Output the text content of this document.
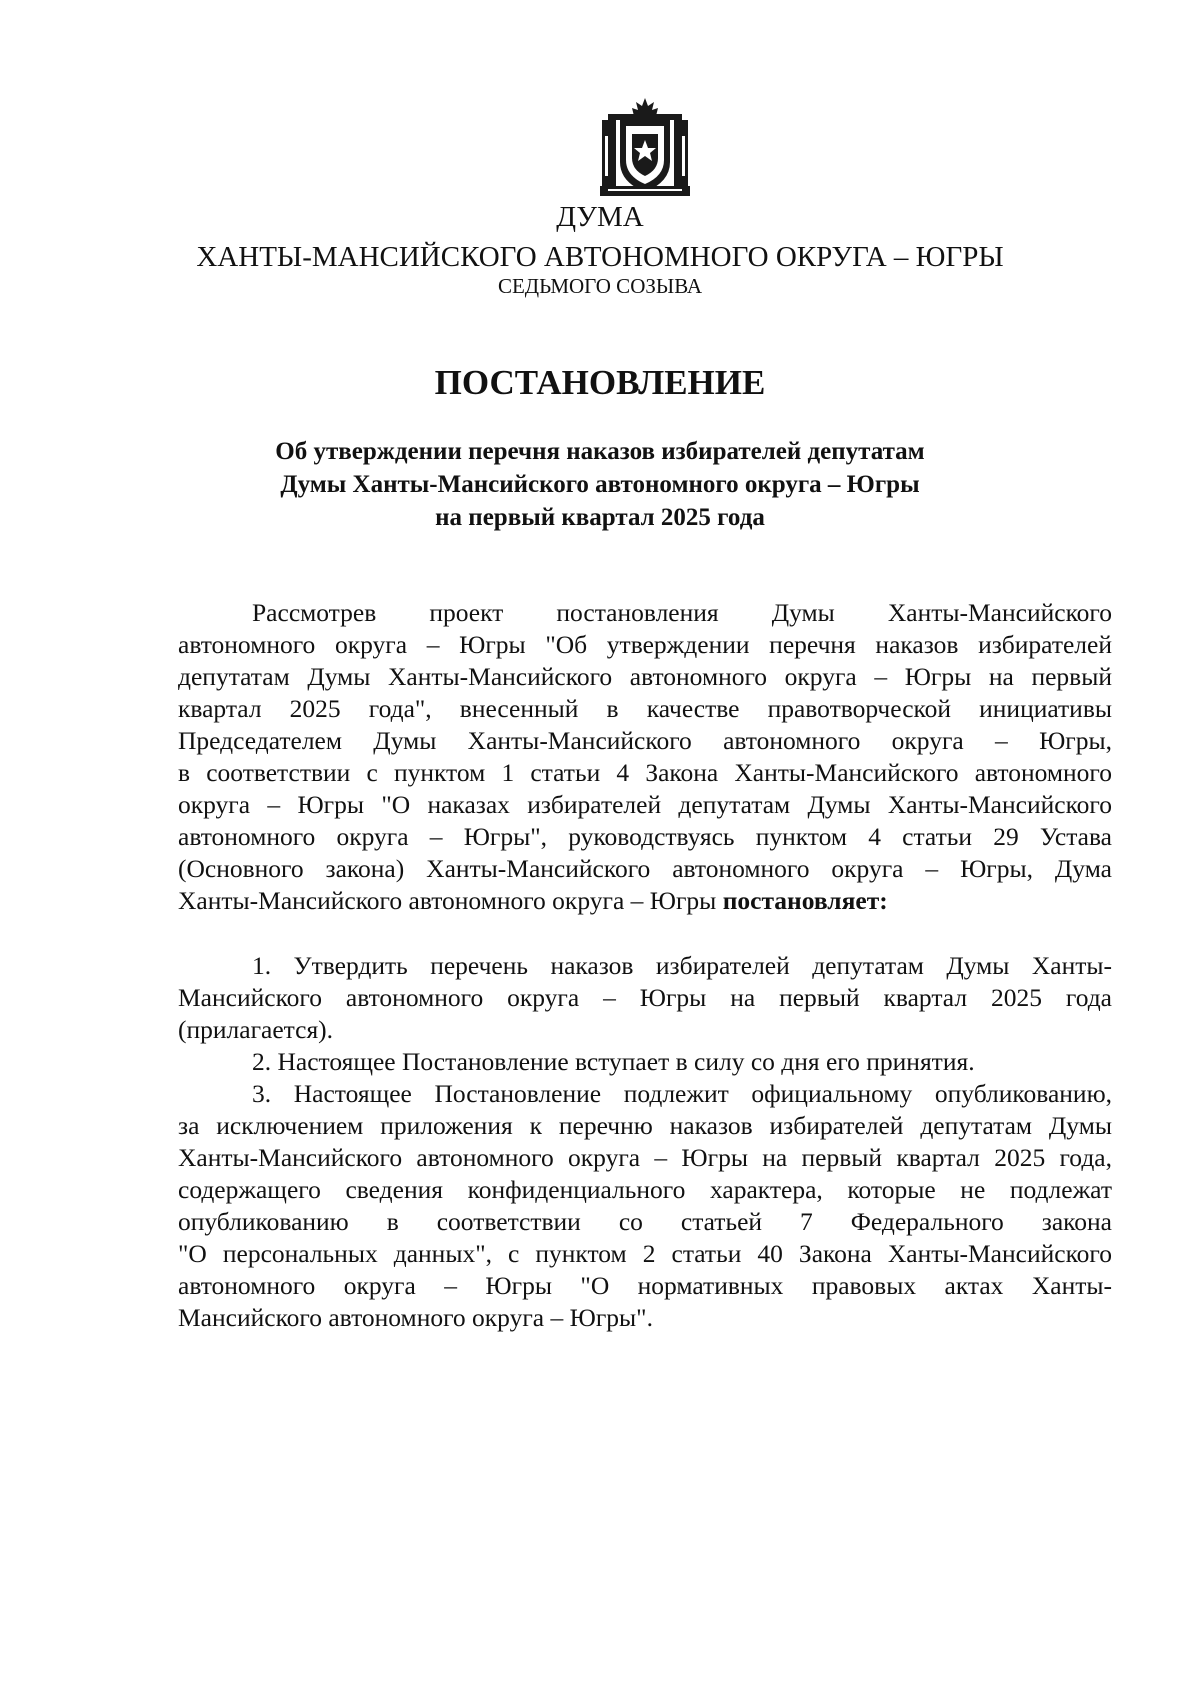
ДУМА

ХАНТЫ-МАНСИЙСКОГО АВТОНОМНОГО ОКРУГА – ЮГРЫ

СЕДЬМОГО СОЗЫВА

ПОСТАНОВЛЕНИЕ
Об утверждении перечня наказов избирателей депутатам
Думы Ханты-Мансийского автономного округа – Югры
на первый квартал 2025 года
Рассмотрев проект постановления Думы Ханты-Мансийского
автономного округа – Югры "Об утверждении перечня наказов избирателей
депутатам Думы Ханты-Мансийского автономного округа – Югры на первый
квартал 2025 года", внесенный в качестве правотворческой инициативы
Председателем Думы Ханты-Мансийского автономного округа – Югры,
в соответствии с пунктом 1 статьи 4 Закона Ханты-Мансийского автономного
округа – Югры "О наказах избирателей депутатам Думы Ханты-Мансийского
автономного округа – Югры", руководствуясь пунктом 4 статьи 29 Устава
(Основного закона) Ханты-Мансийского автономного округа – Югры, Дума
Ханты-Мансийского автономного округа – Югры постановляет:
1. Утвердить перечень наказов избирателей депутатам Думы Ханты-
Мансийского автономного округа – Югры на первый квартал 2025 года
(прилагается).
2. Настоящее Постановление вступает в силу со дня его принятия.
3. Настоящее Постановление подлежит официальному опубликованию,
за исключением приложения к перечню наказов избирателей депутатам Думы
Ханты-Мансийского автономного округа – Югры на первый квартал 2025 года,
содержащего сведения конфиденциального характера, которые не подлежат
опубликованию в соответствии со статьей 7 Федерального закона
"О персональных данных", с пунктом 2 статьи 40 Закона Ханты-Мансийского
автономного округа – Югры "О нормативных правовых актах Ханты-
Мансийского автономного округа – Югры".
